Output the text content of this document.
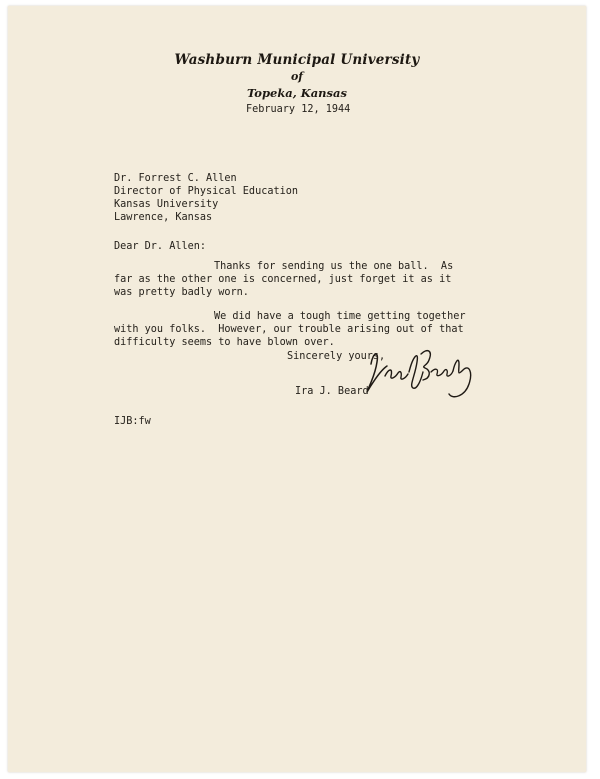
Washburn Municipal University
of
Topeka, Kansas
February 12, 1944
Dr. Forrest C. Allen
Director of Physical Education
Kansas University
Lawrence, Kansas
Dear Dr. Allen:
Thanks for sending us the one ball.  As
far as the other one is concerned, just forget it as it
was pretty badly worn.
We did have a tough time getting together
with you folks.  However, our trouble arising out of that
difficulty seems to have blown over.
Sincerely yours,
Ira J. Beard
IJB:fw
